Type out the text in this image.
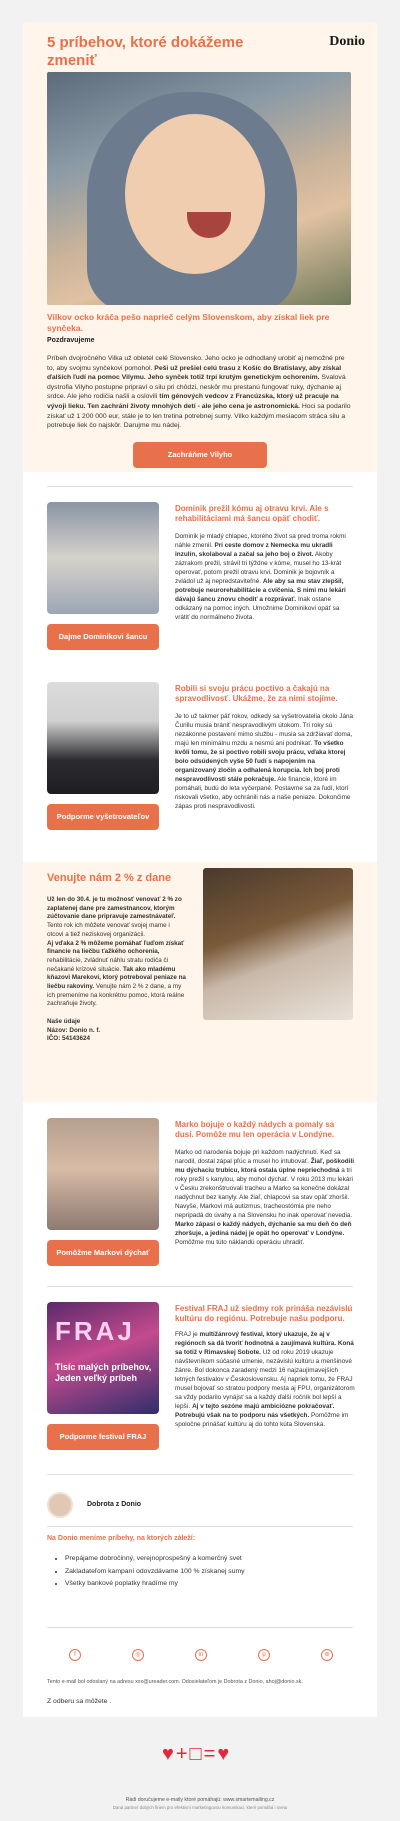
5 príbehov, ktoré dokážeme zmeniť
Donio
Vilkov ocko kráča pešo naprieč celým Slovenskom, aby získal liek pre synčeka.
Pozdravujeme
Príbeh dvojročného Vilka už obletel celé Slovensko. Jeho ocko je odhodlaný urobiť aj nemožné pre to, aby svojmu synčekovi pomohol. Peši už prešiel celú trasu z Košíc do Bratislavy, aby získal ďalších ľudí na pomoc Vilymu. Jeho synček totiž trpí krutým genetickým ochorením. Svalová dystrofia Vilyho postupne pripraví o silu pri chôdzi, neskôr mu prestanú fungovať ruky, dýchanie aj srdce. Ale jeho rodičia našli a oslovili tím génových vedcov z Francúzska, ktorý už pracuje na vývoji lieku. Ten zachráni životy mnohých detí - ale jeho cena je astronomická. Hoci sa podarilo získať už 1 200 000 eur, stále je to len tretina potrebnej sumy. Vilko každým mesiacom stráca silu a potrebuje liek čo najskôr. Darujme mu nádej.
Zachráňme Vilyho
Dominik prežil kómu aj otravu krvi. Ale s rehabilitáciami má šancu opäť chodiť.
Dominik je mladý chlapec, ktorého život sa pred troma rokmi náhle zmenil. Pri ceste domov z Nemecka mu ukradli inzulín, skolaboval a začal sa jeho boj o život. Akoby zázrakom prežil, strávil tri týždne v kóme, musel ho 13-krát operovať, potom prežil otravu krvi. Dominik je bojovník a zvládol už aj nepredstaviteľné. Ale aby sa mu stav zlepšil, potrebuje neurorehabilitácie a cvičenia. S nimi mu lekári dávajú šancu znovu chodiť a rozprávať. Inak ostane odkázaný na pomoc iných. Umožnime Dominikovi opäť sa vrátiť do normálneho života.
Dajme Dominikovi šancu
Robili si svoju prácu poctivo a čakajú na spravodlivosť. Ukážme, že za nimi stojíme.
Je to už takmer päť rokov, odkedy sa vyšetrovatelia okolo Jána Čurillu musia brániť nespravodlivým útokom. Tri roky sú nezákonne postavení mimo službu - musia sa zdržiavať doma, majú len minimálnu mzdu a nesmú ani podnikať. To všetko kvôli tomu, že si poctivo robili svoju prácu, vďaka ktorej bolo odsúdených vyše 50 ľudí s napojením na organizovaný zločin a odhalená korupcia. Ich boj proti nespravodlivosti stále pokračuje. Ale financie, ktoré im pomáhali, budú do leta vyčerpané. Postavme sa za ľudí, ktorí riskovali všetko, aby ochránili nás a naše peniaze. Dokončime zápas proti nespravodlivosti.
Podporme vyšetrovateľov
Venujte nám 2 % z dane
Už len do 30.4. je tu možnosť venovať 2 % zo zaplatenej dane pre zamestnancov, ktorým zúčtovanie dane pripravuje zamestnávateľ. Tento rok ich môžete venovať svojej mame i otcovi a tiež neziskovej organizácii.
Aj vďaka 2 % môžeme pomáhať ľuďom získať financie na liečbu ťažkého ochorenia, rehabilitácie, zvládnuť náhlu stratu rodiča či nečakané krízové situácie. Tak ako mladému kňazovi Marekovi, ktorý potreboval peniaze na liečbu rakoviny. Venujte nám 2 % z dane, a my ich premeníme na konkrétnu pomoc, ktorá reálne zachraňuje životy.

Naše údaje
Názov: Donio n. f.
IČO: 54143624
Marko bojuje o každý nádych a pomaly sa dusí. Pomôže mu len operácia v Londýne.
Marko od narodenia bojuje pri každom nadýchnutí. Keď sa narodil, dostal zápal pľúc a musel ho intubovať. Žiaľ, poškodili mu dýchaciu trubicu, ktorá ostala úplne nepriechodná a tri roky prežil s kanylou, aby mohol dýchať. V roku 2013 mu lekári v Česku zrekonštruovali tracheu a Marko sa konečne dokázal nadýchnut bez kanyly. Ale žiaľ, chlapcovi sa stav opäť zhoršil. Navyše, Markovi má autizmus, tracheostómia pre neho nepripadá do úvahy a na Slovensku ho inak operovať nevedia. Marko zápasí o každý nádych, dýchanie sa mu deň čo deň zhoršuje, a jediná nádej je opät ho operovať v Londýne. Pomôžme mu túto náklandú operáciu uhradiť.
Pomôžme Markovi dýchať
FRAJ
Tisíc malých príbehov, Jeden veľký príbeh
Festival FRAJ už siedmy rok prináša nezávislú kultúru do regiónu. Potrebuje našu podporu.
FRAJ je multižánrový festival, ktorý ukazuje, že aj v regiónoch sa dá tvoriť hodnotná a zaujímavá kultúra. Koná sa totiž v Rimavskej Sobote. Už od roku 2019 ukazuje návštevníkom súčasné umenie, nezávislú kultúru a menšinové žánre. Bol dokonca zaradený medzi 16 najzaujímavejších letných festivalov v Československu. Aj napriek tomu, že FRAJ musel bojovať so stratou podpory mesta aj FPU, organizátorom sa vždy podarilo vynájsť sa a každý ďalší ročník bol lepší a lepší. Aj v tejto sezóne majú ambiciózne pokračovať. Potrebujú však na to podporu nás všetkých. Pomôžme im spoločne prinášať kultúru aj do tohto kúta Slovenska.
Podporme festival FRAJ
Dobrota z Donio
Na Donio meníme príbehy, na ktorých záleží:
• Prepájame dobročinný, verejnoprospešný a komerčný svet
• Zakladateľom kampaní odovzdávame 100 % získanej sumy
• Všetky bankové poplatky hradíme my
f	◎	in	p	⊛
Tento e-mail bol odoslaný na adresu xxx@ureader.com. Odosielateľom je Dobrota z Donio, ahoj@donio.sk.
Z odberu sa môžete .
♥+□=♥
Rádi doručujeme e-maily ktoré pomáhajú: www.smartemailing.cz
Daná partner dobých firiem pro efektivní marketingovou komunikaci, které pomáhá i svetu
